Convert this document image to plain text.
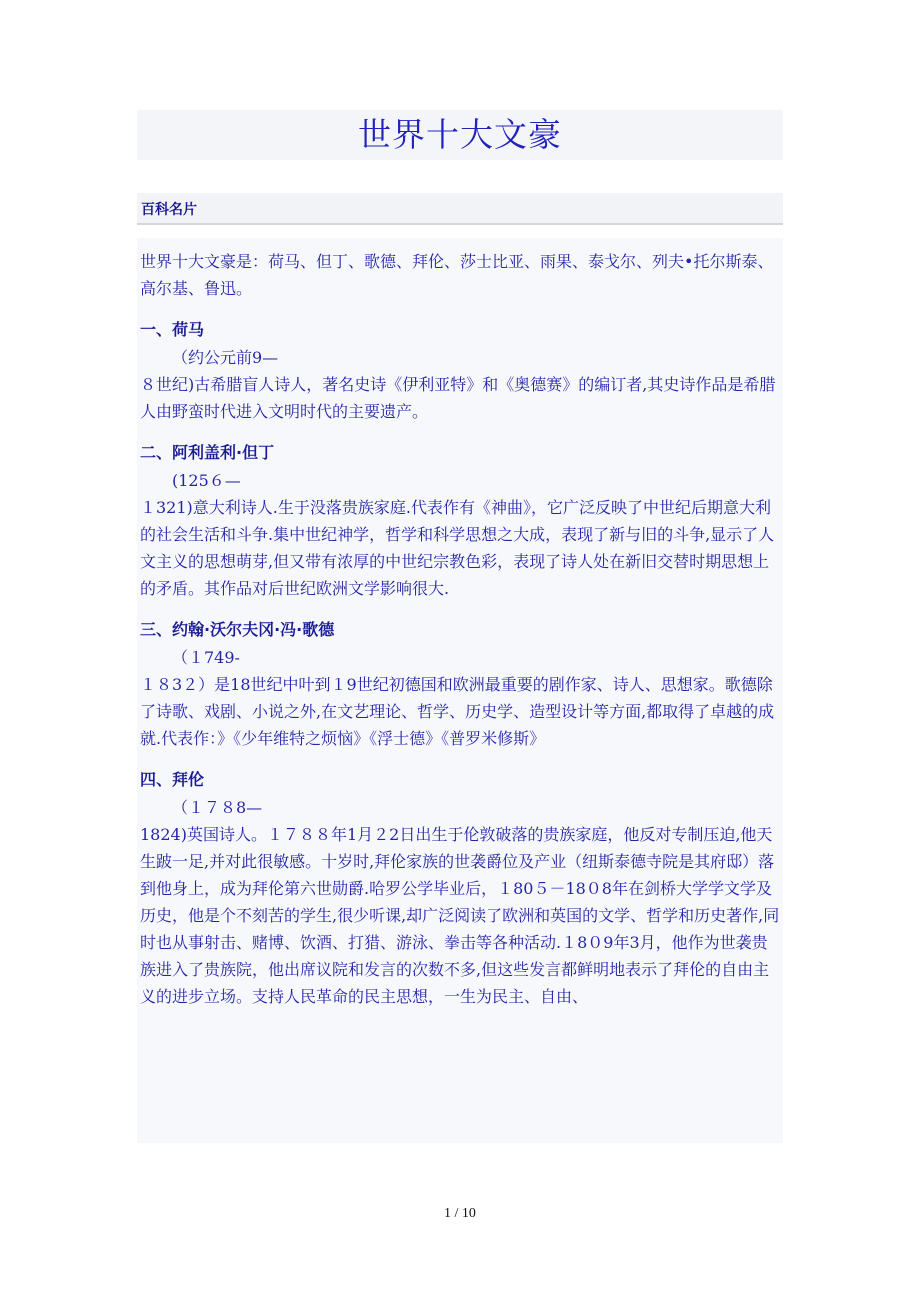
世界十大文豪
百科名片

世界十大文豪是：荷马、但丁、歌德、拜伦、莎士比亚、雨果、泰戈尔、列夫•托尔斯泰、高尔基、鲁迅。

一、荷马

（约公元前9—

８世纪)古希腊盲人诗人，著名史诗《伊利亚特》和《奥德赛》的编订者,其史诗作品是希腊人由野蛮时代进入文明时代的主要遗产。

二、阿利盖利·但丁

(125６—

１321)意大利诗人.生于没落贵族家庭.代表作有《神曲》，它广泛反映了中世纪后期意大利的社会生活和斗争.集中世纪神学，哲学和科学思想之大成，表现了新与旧的斗争,显示了人文主义的思想萌芽,但又带有浓厚的中世纪宗教色彩，表现了诗人处在新旧交替时期思想上的矛盾。其作品对后世纪欧洲文学影响很大.

三、约翰·沃尔夫冈·冯·歌德

（１749-

１８3２）是18世纪中叶到１9世纪初德国和欧洲最重要的剧作家、诗人、思想家。歌德除了诗歌、戏剧、小说之外,在文艺理论、哲学、历史学、造型设计等方面,都取得了卓越的成就.代表作：》《少年维特之烦恼》《浮士德》《普罗米修斯》

四、拜伦

（１７８8—

1824)英国诗人。１７８８年1月２2日出生于伦敦破落的贵族家庭，他反对专制压迫,他天生跛一足,并对此很敏感。十岁时,拜伦家族的世袭爵位及产业（纽斯泰德寺院是其府邸）落到他身上，成为拜伦第六世勋爵.哈罗公学毕业后，１80５－18０8年在剑桥大学学文学及历史，他是个不刻苦的学生,很少听课,却广泛阅读了欧洲和英国的文学、哲学和历史著作,同时也从事射击、赌博、饮酒、打猎、游泳、拳击等各种活动.１8０9年3月，他作为世袭贵族进入了贵族院，他出席议院和发言的次数不多,但这些发言都鲜明地表示了拜伦的自由主义的进步立场。支持人民革命的民主思想，一生为民主、自由、

1 / 10
